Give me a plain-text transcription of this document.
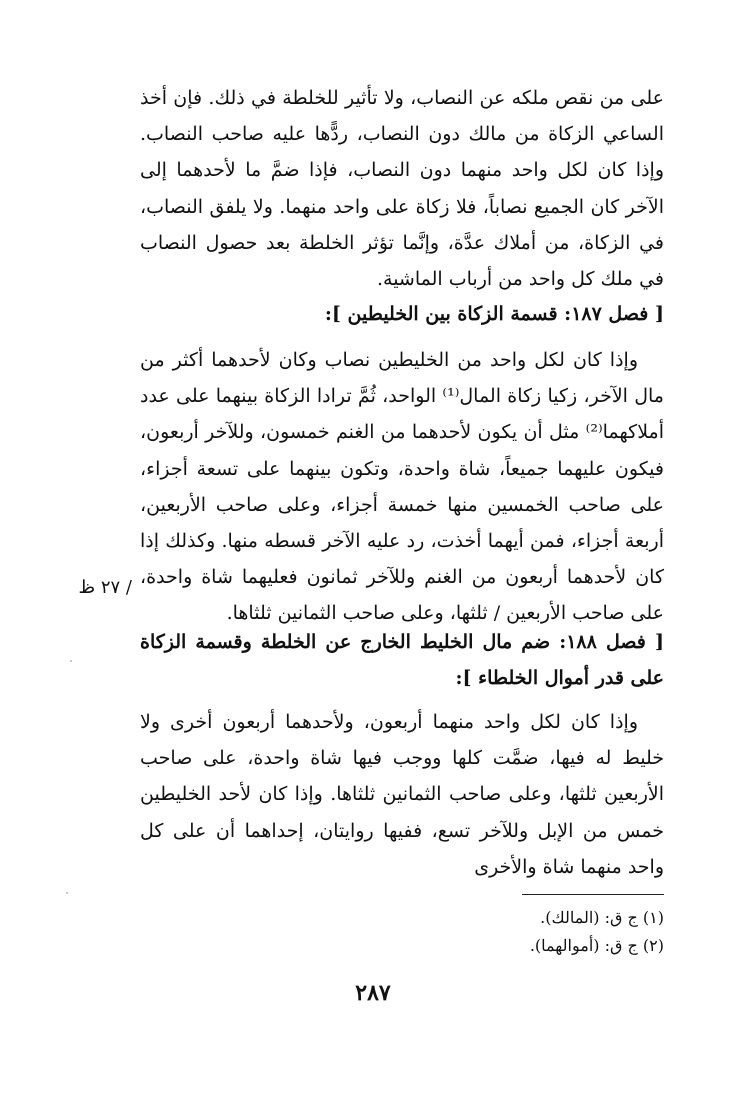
على من نقص ملكه عن النصاب، ولا تأثير للخلطة في ذلك. فإن أخذ الساعي الزكاة من مالك دون النصاب، ردًّها عليه صاحب النصاب. وإذا كان لكل واحد منهما دون النصاب، فإذا ضمَّ ما لأحدهما إلى الآخر كان الجميع نصاباً، فلا زكاة على واحد منهما. ولا يلفق النصاب، في الزكاة، من أملاك عدَّة، وإنَّما تؤثر الخلطة بعد حصول النصاب في ملك كل واحد من أرباب الماشية.

[ فصل ١٨٧: قسمة الزكاة بين الخليطين ]:

وإذا كان لكل واحد من الخليطين نصاب وكان لأحدهما أكثر من مال الآخر، زكيا زكاة المال⁽¹⁾ الواحد، ثُمَّ ترادا الزكاة بينهما على عدد أملاكهما⁽²⁾ مثل أن يكون لأحدهما من الغنم خمسون، وللآخر أربعون، فيكون عليهما جميعاً، شاة واحدة، وتكون بينهما على تسعة أجزاء، على صاحب الخمسين منها خمسة أجزاء، وعلى صاحب الأربعين، أربعة أجزاء، فمن أيهما أخذت، رد عليه الآخر قسطه منها. وكذلك إذا كان لأحدهما أربعون من الغنم وللآخر ثمانون فعليهما شاة واحدة، على صاحب الأربعين / ثلثها، وعلى صاحب الثمانين ثلثاها.

/ ٢٧ ظ

[ فصل ١٨٨: ضم مال الخليط الخارج عن الخلطة وقسمة الزكاة على قدر أموال الخلطاء ]:

وإذا كان لكل واحد منهما أربعون، ولأحدهما أربعون أخرى ولا خليط له فيها، ضمَّت كلها ووجب فيها شاة واحدة، على صاحب الأربعين ثلثها، وعلى صاحب الثمانين ثلثاها. وإذا كان لأحد الخليطين خمس من الإبل وللآخر تسع، ففيها روايتان، إحداهما أن على كل واحد منهما شاة والأخرى

(١) ج ق: (المالك).

(٢) ج ق: (أموالهما).

٢٨٧
